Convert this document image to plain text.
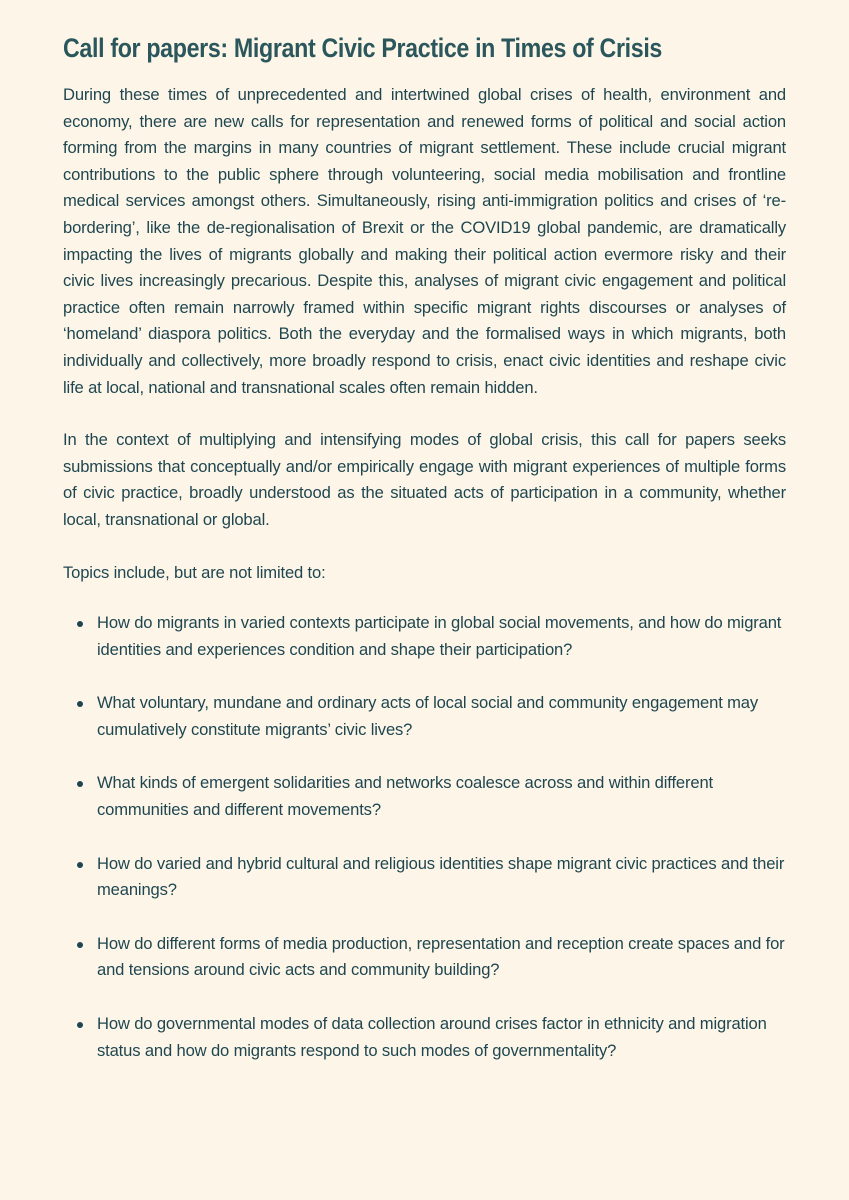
Call for papers: Migrant Civic Practice in Times of Crisis

During these times of unprecedented and intertwined global crises of health, environment and economy, there are new calls for representation and renewed forms of political and social action forming from the margins in many countries of migrant settlement. These include crucial migrant contributions to the public sphere through volunteering, social media mobilisation and frontline medical services amongst others. Simultaneously, rising anti-immigration politics and crises of ‘re-bordering’, like the de-regionalisation of Brexit or the COVID19 global pandemic, are dramatically impacting the lives of migrants globally and making their political action evermore risky and their civic lives increasingly precarious. Despite this, analyses of migrant civic engagement and political practice often remain narrowly framed within specific migrant rights discourses or analyses of ‘homeland’ diaspora politics. Both the everyday and the formalised ways in which migrants, both individually and collectively, more broadly respond to crisis, enact civic identities and reshape civic life at local, national and transnational scales often remain hidden.

In the context of multiplying and intensifying modes of global crisis, this call for papers seeks submissions that conceptually and/or empirically engage with migrant experiences of multiple forms of civic practice, broadly understood as the situated acts of participation in a community, whether local, transnational or global.

Topics include, but are not limited to:

How do migrants in varied contexts participate in global social movements, and how do migrant identities and experiences condition and shape their participation?
What voluntary, mundane and ordinary acts of local social and community engagement may cumulatively constitute migrants’ civic lives?
What kinds of emergent solidarities and networks coalesce across and within different communities and different movements?
How do varied and hybrid cultural and religious identities shape migrant civic practices and their meanings?
How do different forms of media production, representation and reception create spaces and for and tensions around civic acts and community building?
How do governmental modes of data collection around crises factor in ethnicity and migration status and how do migrants respond to such modes of governmentality?
